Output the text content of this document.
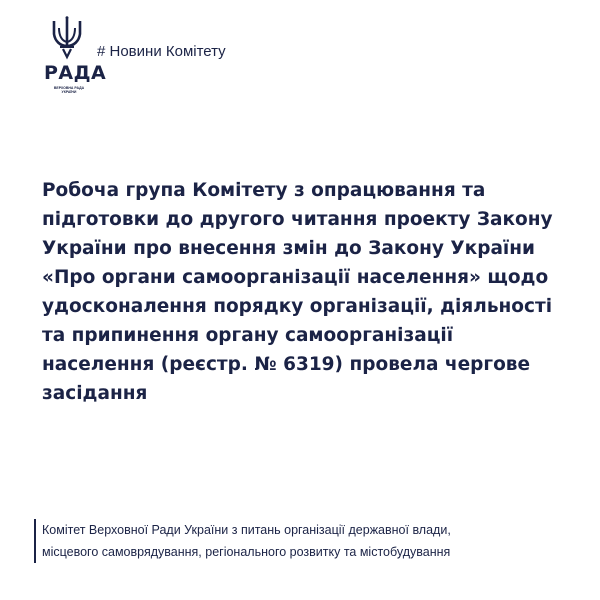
РАДА
ВЕРХОВНА РАДА УКРАЇНИ
# Новини Комітету

Робоча група Комітету з опрацювання та підготовки до другого читання проекту Закону України про внесення змін до Закону України «Про органи самоорганізації населення» щодо удосконалення порядку організації, діяльності та припинення органу самоорганізації населення (реєстр. № 6319) провела чергове засідання

Комітет Верховної Ради України з питань організації державної влади,
місцевого самоврядування, регіонального розвитку та містобудування
